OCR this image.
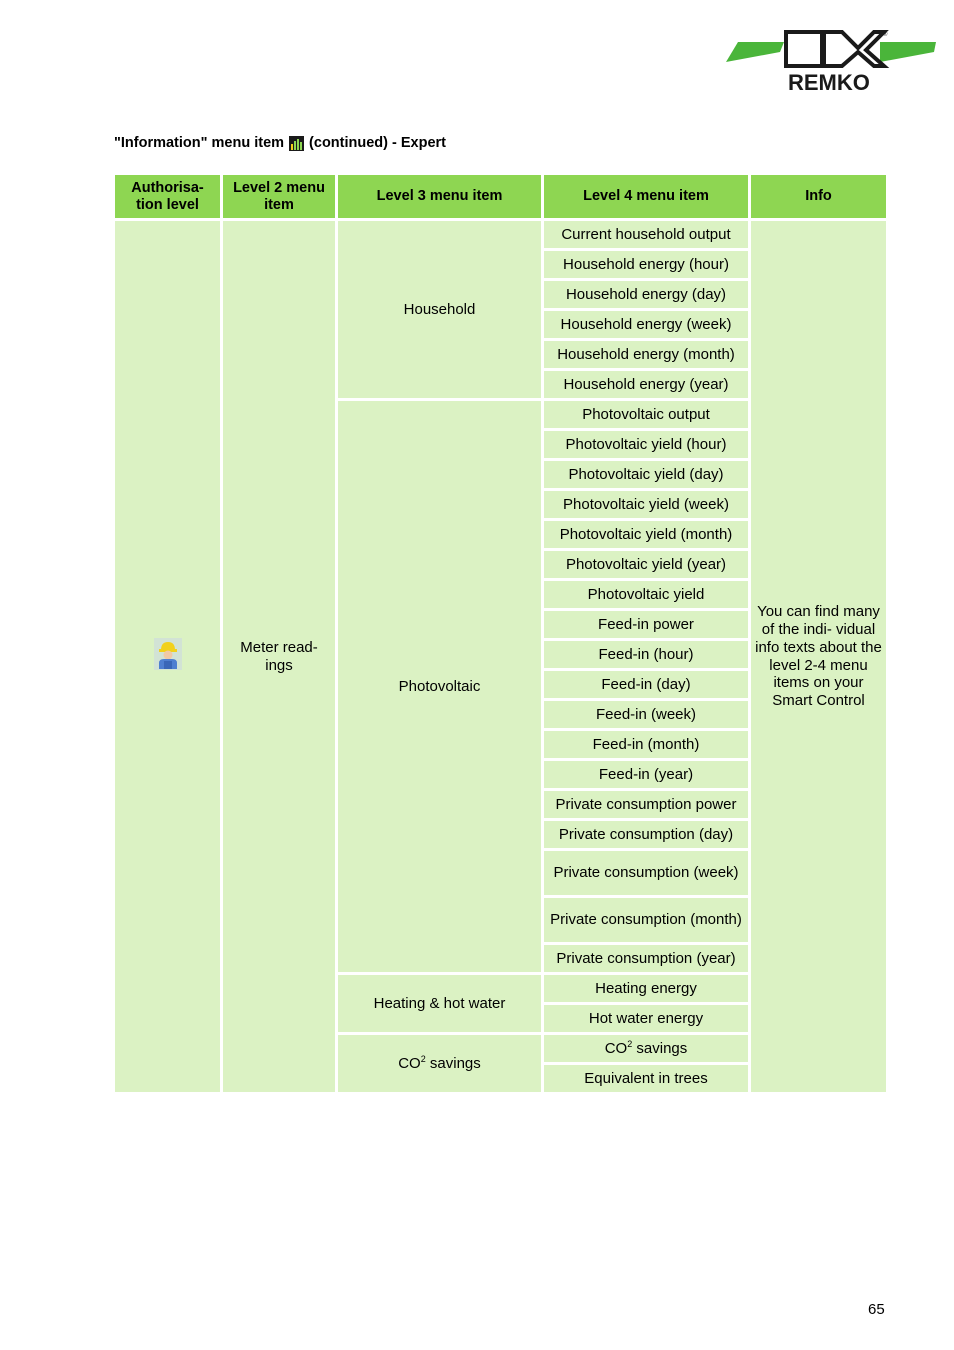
REMKO
®
"Information" menu item (continued) - Expert
Authorisa- tion level	Level 2 menu item	Level 3 menu item	Level 4 menu item	Info
	Meter read- ings	Household	Current household output	You can find many of the indi- vidual info texts about the level 2-4 menu items on your Smart Control
			Household energy (hour)	
			Household energy (day)	
			Household energy (week)	
			Household energy (month)	
			Household energy (year)	
		Photovoltaic	Photovoltaic output	
			Photovoltaic yield (hour)	
			Photovoltaic yield (day)	
			Photovoltaic yield (week)	
			Photovoltaic yield (month)	
			Photovoltaic yield (year)	
			Photovoltaic yield	
			Feed-in power	
			Feed-in (hour)	
			Feed-in (day)	
			Feed-in (week)	
			Feed-in (month)	
			Feed-in (year)	
			Private consumption power	
			Private consumption (day)	
			Private consumption (week)	
			Private consumption (month)	
			Private consumption (year)	
		Heating & hot water	Heating energy	
			Hot water energy	
		$CO^2$ savings	$CO^2$ savings	
			Equivalent in trees	
65
